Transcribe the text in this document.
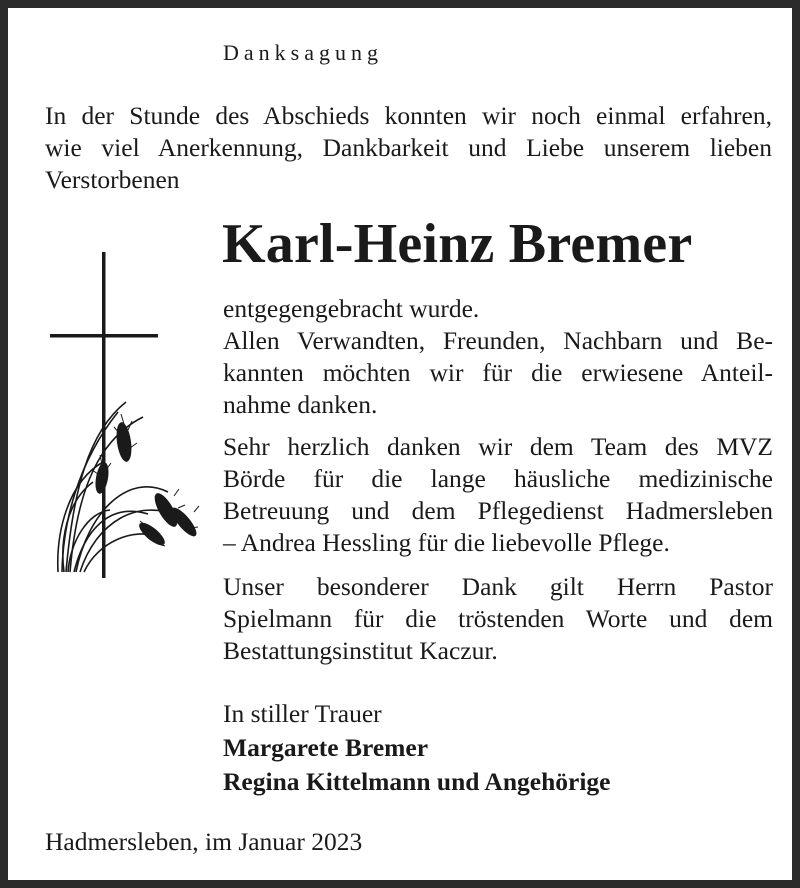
Danksagung
In der Stunde des Abschieds konnten wir noch einmal erfahren,
wie viel Anerkennung, Dankbarkeit und Liebe unserem lieben
Verstorbenen
Karl-Heinz Bremer
entgegengebracht wurde.
Allen Verwandten, Freunden, Nachbarn und Be-
kannten möchten wir für die erwiesene Anteil-
nahme danken.
Sehr herzlich danken wir dem Team des MVZ
Börde für die lange häusliche medizinische
Betreuung und dem Pflegedienst Hadmersleben
– Andrea Hessling für die liebevolle Pflege.
Unser besonderer Dank gilt Herrn Pastor
Spielmann für die tröstenden Worte und dem
Bestattungsinstitut Kaczur.
In stiller Trauer
Margarete Bremer
Regina Kittelmann und Angehörige
Hadmersleben, im Januar 2023
